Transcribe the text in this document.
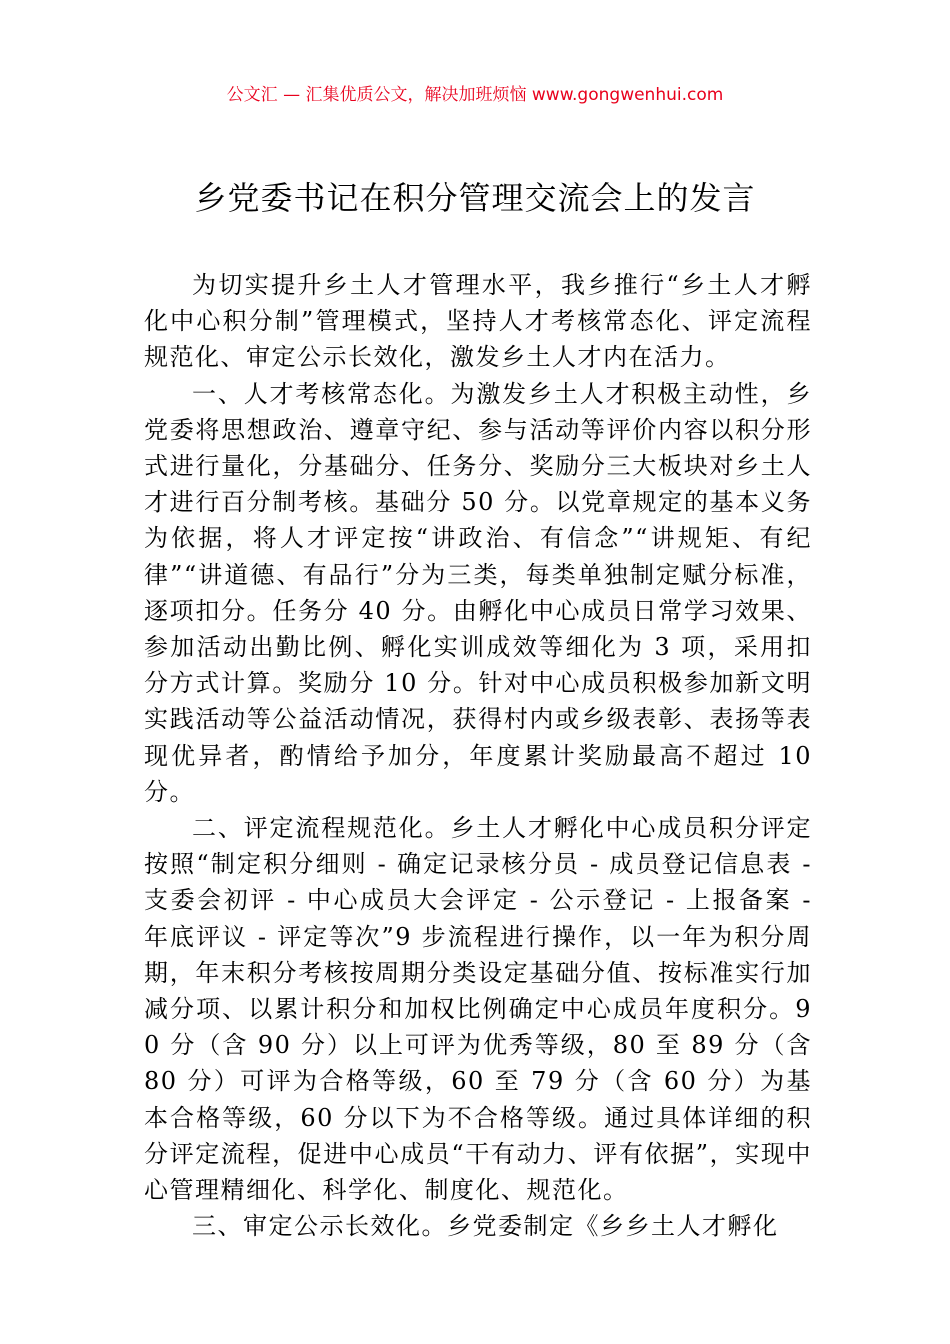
公文汇 — 汇集优质公文，解决加班烦恼 www.gongwenhui.com
乡党委书记在积分管理交流会上的发言

为切实提升乡土人才管理水平，我乡推行“乡土人才孵化中心积分制”管理模式，坚持人才考核常态化、评定流程规范化、审定公示长效化，激发乡土人才内在活力。

一、人才考核常态化。为激发乡土人才积极主动性，乡党委将思想政治、遵章守纪、参与活动等评价内容以积分形式进行量化，分基础分、任务分、奖励分三大板块对乡土人才进行百分制考核。基础分 50 分。以党章规定的基本义务为依据，将人才评定按“讲政治、有信念”“讲规矩、有纪律”“讲道德、有品行”分为三类，每类单独制定赋分标准，逐项扣分。任务分 40 分。由孵化中心成员日常学习效果、参加活动出勤比例、孵化实训成效等细化为 3 项，采用扣分方式计算。奖励分 10 分。针对中心成员积极参加新文明实践活动等公益活动情况，获得村内或乡级表彰、表扬等表现优异者，酌情给予加分，年度累计奖励最高不超过 10 分。

二、评定流程规范化。乡土人才孵化中心成员积分评定按照“制定积分细则 - 确定记录核分员 - 成员登记信息表 - 支委会初评 - 中心成员大会评定 - 公示登记 - 上报备案 - 年底评议 - 评定等次”9 步流程进行操作，以一年为积分周期，年末积分考核按周期分类设定基础分值、按标准实行加减分项、以累计积分和加权比例确定中心成员年度积分。90 分（含 90 分）以上可评为优秀等级，80 至 89 分（含 80 分）可评为合格等级，60 至 79 分（含 60 分）为基本合格等级，60 分以下为不合格等级。通过具体详细的积分评定流程，促进中心成员“干有动力、评有依据”，实现中心管理精细化、科学化、制度化、规范化。

三、审定公示长效化。乡党委制定《乡乡土人才孵化
